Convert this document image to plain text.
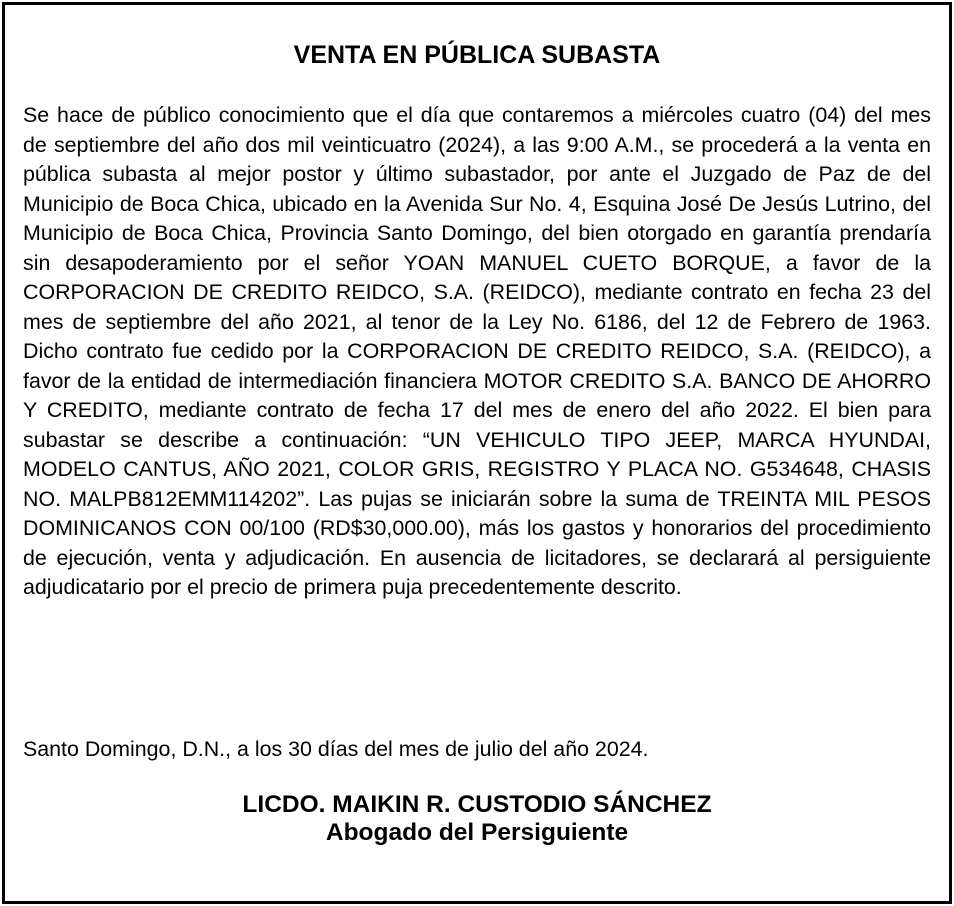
VENTA EN PÚBLICA SUBASTA

Se hace de público conocimiento que el día que contaremos a miércoles cuatro (04) del mes de septiembre del año dos mil veinticuatro (2024), a las 9:00 A.M., se procederá a la venta en pública subasta al mejor postor y último subastador, por ante el Juzgado de Paz de del Municipio de Boca Chica, ubicado en la Avenida Sur No. 4, Esquina José De Jesús Lutrino, del Municipio de Boca Chica, Provincia Santo Domingo, del bien otorgado en garantía prendaría sin desapoderamiento por el señor YOAN MANUEL CUETO BORQUE, a favor de la CORPORACION DE CREDITO REIDCO, S.A. (REIDCO), mediante contrato en fecha 23 del mes de septiembre del año 2021, al tenor de la Ley No. 6186, del 12 de Febrero de 1963. Dicho contrato fue cedido por la CORPORACION DE CREDITO REIDCO, S.A. (REIDCO), a favor de la entidad de intermediación financiera MOTOR CREDITO S.A. BANCO DE AHORRO Y CREDITO, mediante contrato de fecha 17 del mes de enero del año 2022. El bien para subastar se describe a continuación: “UN VEHICULO TIPO JEEP, MARCA HYUNDAI, MODELO CANTUS, AÑO 2021, COLOR GRIS, REGISTRO Y PLACA NO. G534648, CHASIS NO. MALPB812EMM114202”. Las pujas se iniciarán sobre la suma de TREINTA MIL PESOS DOMINICANOS CON 00/100 (RD$30,000.00), más los gastos y honorarios del procedimiento de ejecución, venta y adjudicación. En ausencia de licitadores, se declarará al persiguiente adjudicatario por el precio de primera puja precedentemente descrito.

Santo Domingo, D.N., a los 30 días del mes de julio del año 2024.

LICDO. MAIKIN R. CUSTODIO SÁNCHEZ
Abogado del Persiguiente
